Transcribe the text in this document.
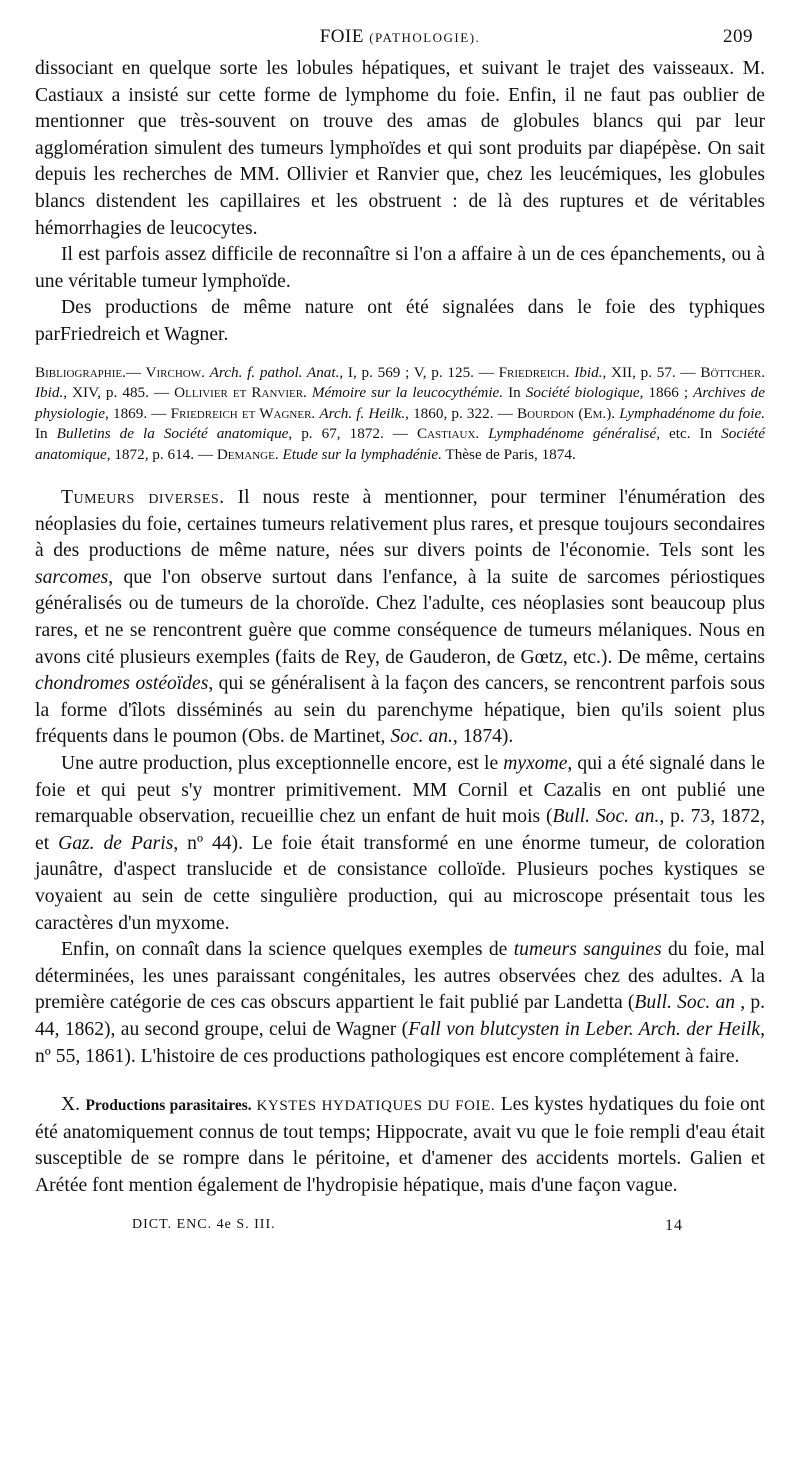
FOIE (PATHOLOGIE).	209

dissociant en quelque sorte les lobules hépatiques, et suivant le trajet des vaisseaux. M. Castiaux a insisté sur cette forme de lymphome du foie. Enfin, il ne faut pas oublier de mentionner que très-souvent on trouve des amas de globules blancs qui par leur agglomération simulent des tumeurs lymphoïdes et qui sont produits par diapépèse. On sait depuis les recherches de MM. Ollivier et Ranvier que, chez les leucémiques, les globules blancs distendent les capillaires et les obstruent : de là des ruptures et de véritables hémorrhagies de leucocytes.

Il est parfois assez difficile de reconnaître si l'on a affaire à un de ces épanchements, ou à une véritable tumeur lymphoïde.

Des productions de même nature ont été signalées dans le foie des typhiques parFriedreich et Wagner.

Bibliographie.— Virchow. Arch. f. pathol. Anat., I, p. 569 ; V, p. 125. — Friedreich. Ibid., XII, p. 57. — Böttcher. Ibid., XIV, p. 485. — Ollivier et Ranvier. Mémoire sur la leucocythémie. In Société biologique, 1866 ; Archives de physiologie, 1869. — Friedreich et Wagner. Arch. f. Heilk., 1860, p. 322. — Bourdon (Em.). Lymphadénome du foie. In Bulletins de la Société anatomique, p. 67, 1872. — Castiaux. Lymphadénome généralisé, etc. In Société anatomique, 1872, p. 614. — Demange. Etude sur la lymphadénie. Thèse de Paris, 1874.

Tumeurs diverses. Il nous reste à mentionner, pour terminer l'énumération des néoplasies du foie, certaines tumeurs relativement plus rares, et presque toujours secondaires à des productions de même nature, nées sur divers points de l'économie. Tels sont les sarcomes, que l'on observe surtout dans l'enfance, à la suite de sarcomes périostiques généralisés ou de tumeurs de la choroïde. Chez l'adulte, ces néoplasies sont beaucoup plus rares, et ne se rencontrent guère que comme conséquence de tumeurs mélaniques. Nous en avons cité plusieurs exemples (faits de Rey, de Gauderon, de Gœtz, etc.). De même, certains chondromes ostéoïdes, qui se généralisent à la façon des cancers, se rencontrent parfois sous la forme d'îlots disséminés au sein du parenchyme hépatique, bien qu'ils soient plus fréquents dans le poumon (Obs. de Martinet, Soc. an., 1874).

Une autre production, plus exceptionnelle encore, est le myxome, qui a été signalé dans le foie et qui peut s'y montrer primitivement. MM Cornil et Cazalis en ont publié une remarquable observation, recueillie chez un enfant de huit mois (Bull. Soc. an., p. 73, 1872, et Gaz. de Paris, nº 44). Le foie était transformé en une énorme tumeur, de coloration jaunâtre, d'aspect translucide et de consistance colloïde. Plusieurs poches kystiques se voyaient au sein de cette singulière production, qui au microscope présentait tous les caractères d'un myxome.

Enfin, on connaît dans la science quelques exemples de tumeurs sanguines du foie, mal déterminées, les unes paraissant congénitales, les autres observées chez des adultes. A la première catégorie de ces cas obscurs appartient le fait publié par Landetta (Bull. Soc. an , p. 44, 1862), au second groupe, celui de Wagner (Fall von blutcysten in Leber. Arch. der Heilk, nº 55, 1861). L'histoire de ces productions pathologiques est encore complétement à faire.

X. Productions parasitaires. KYSTES HYDATIQUES DU FOIE. Les kystes hydatiques du foie ont été anatomiquement connus de tout temps; Hippocrate, avait vu que le foie rempli d'eau était susceptible de se rompre dans le péritoine, et d'amener des accidents mortels. Galien et Arétée font mention également de l'hydropisie hépatique, mais d'une façon vague.

DICT. ENC. 4e S. III.	14
